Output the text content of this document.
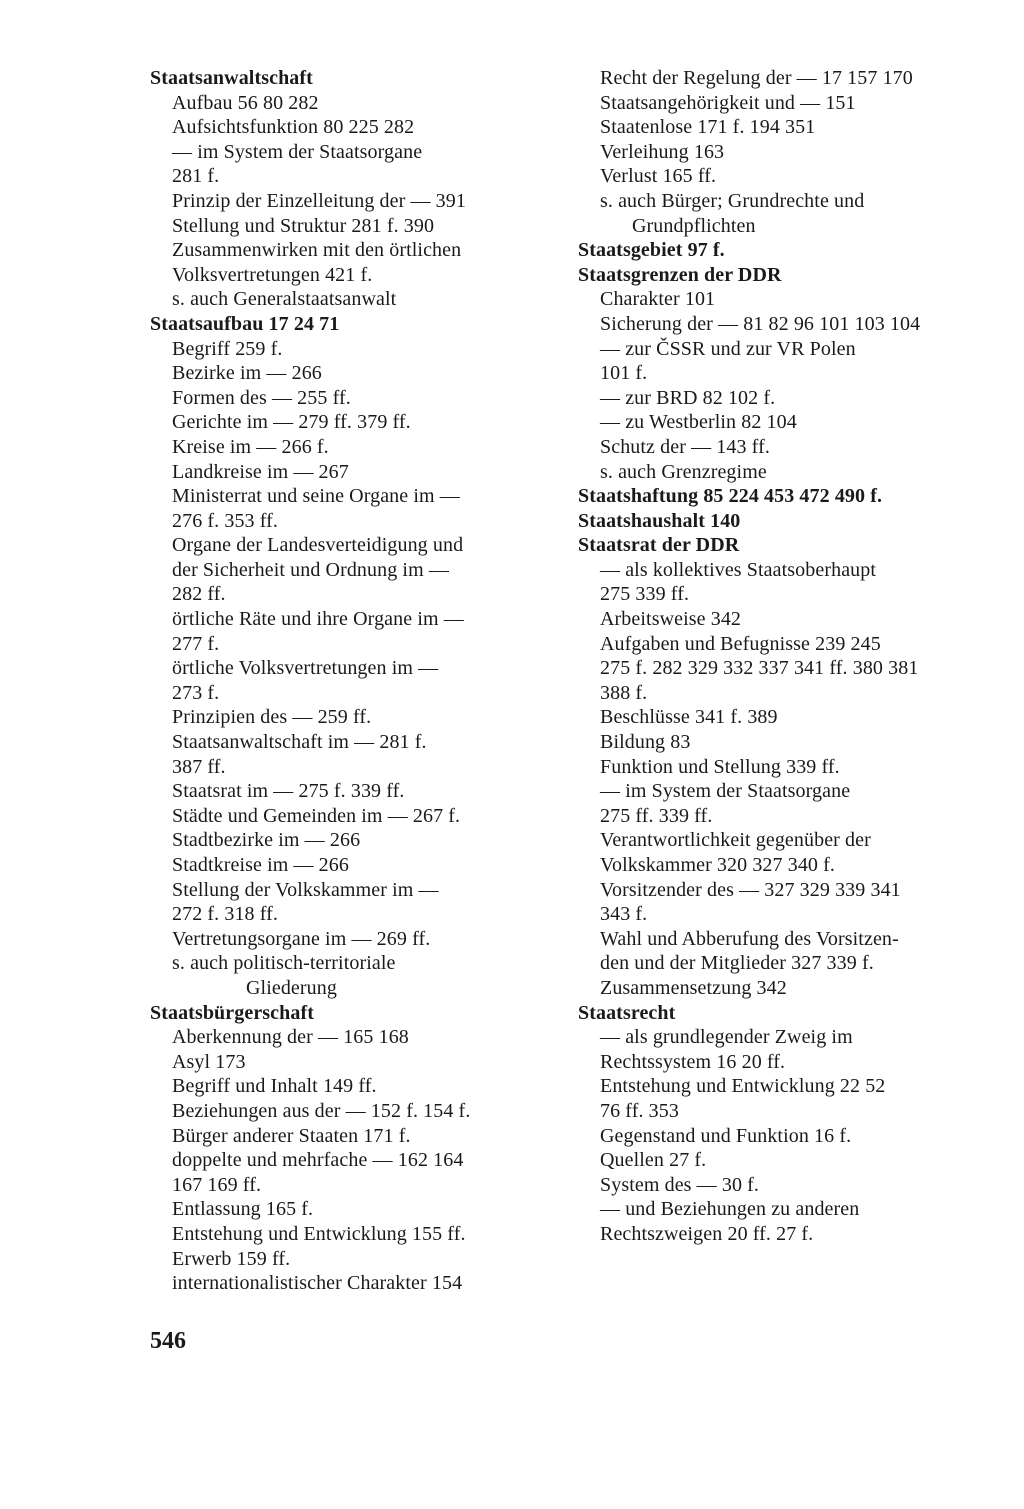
Staatsanwaltschaft
Aufbau 56 80 282
Aufsichtsfunktion 80 225 282
— im System der Staatsorgane
281 f.
Prinzip der Einzelleitung der — 391
Stellung und Struktur 281 f. 390
Zusammenwirken mit den örtlichen
Volksvertretungen 421 f.
s. auch Generalstaatsanwalt
Staatsaufbau 17 24 71
Begriff 259 f.
Bezirke im — 266
Formen des — 255 ff.
Gerichte im — 279 ff. 379 ff.
Kreise im — 266 f.
Landkreise im — 267
Ministerrat und seine Organe im —
276 f. 353 ff.
Organe der Landesverteidigung und
der Sicherheit und Ordnung im —
282 ff.
örtliche Räte und ihre Organe im —
277 f.
örtliche Volksvertretungen im —
273 f.
Prinzipien des — 259 ff.
Staatsanwaltschaft im — 281 f.
387 ff.
Staatsrat im — 275 f. 339 ff.
Städte und Gemeinden im — 267 f.
Stadtbezirke im — 266
Stadtkreise im — 266
Stellung der Volkskammer im —
272 f. 318 ff.
Vertretungsorgane im — 269 ff.
s. auch politisch-territoriale
Gliederung
Staatsbürgerschaft
Aberkennung der — 165 168
Asyl 173
Begriff und Inhalt 149 ff.
Beziehungen aus der — 152 f. 154 f.
Bürger anderer Staaten 171 f.
doppelte und mehrfache — 162 164
167 169 ff.
Entlassung 165 f.
Entstehung und Entwicklung 155 ff.
Erwerb 159 ff.
internationalistischer Charakter 154
Recht der Regelung der — 17 157 170
Staatsangehörigkeit und — 151
Staatenlose 171 f. 194 351
Verleihung 163
Verlust 165 ff.
s. auch Bürger; Grundrechte und
Grundpflichten
Staatsgebiet 97 f.
Staatsgrenzen der DDR
Charakter 101
Sicherung der — 81 82 96 101 103 104
— zur ČSSR und zur VR Polen
101 f.
— zur BRD 82 102 f.
— zu Westberlin 82 104
Schutz der — 143 ff.
s. auch Grenzregime
Staatshaftung 85 224 453 472 490 f.
Staatshaushalt 140
Staatsrat der DDR
— als kollektives Staatsoberhaupt
275 339 ff.
Arbeitsweise 342
Aufgaben und Befugnisse 239 245
275 f. 282 329 332 337 341 ff. 380 381
388 f.
Beschlüsse 341 f. 389
Bildung 83
Funktion und Stellung 339 ff.
— im System der Staatsorgane
275 ff. 339 ff.
Verantwortlichkeit gegenüber der
Volkskammer 320 327 340 f.
Vorsitzender des — 327 329 339 341
343 f.
Wahl und Abberufung des Vorsitzen-
den und der Mitglieder 327 339 f.
Zusammensetzung 342
Staatsrecht
— als grundlegender Zweig im
Rechtssystem 16 20 ff.
Entstehung und Entwicklung 22 52
76 ff. 353
Gegenstand und Funktion 16 f.
Quellen 27 f.
System des — 30 f.
— und Beziehungen zu anderen
Rechtszweigen 20 ff. 27 f.
546
